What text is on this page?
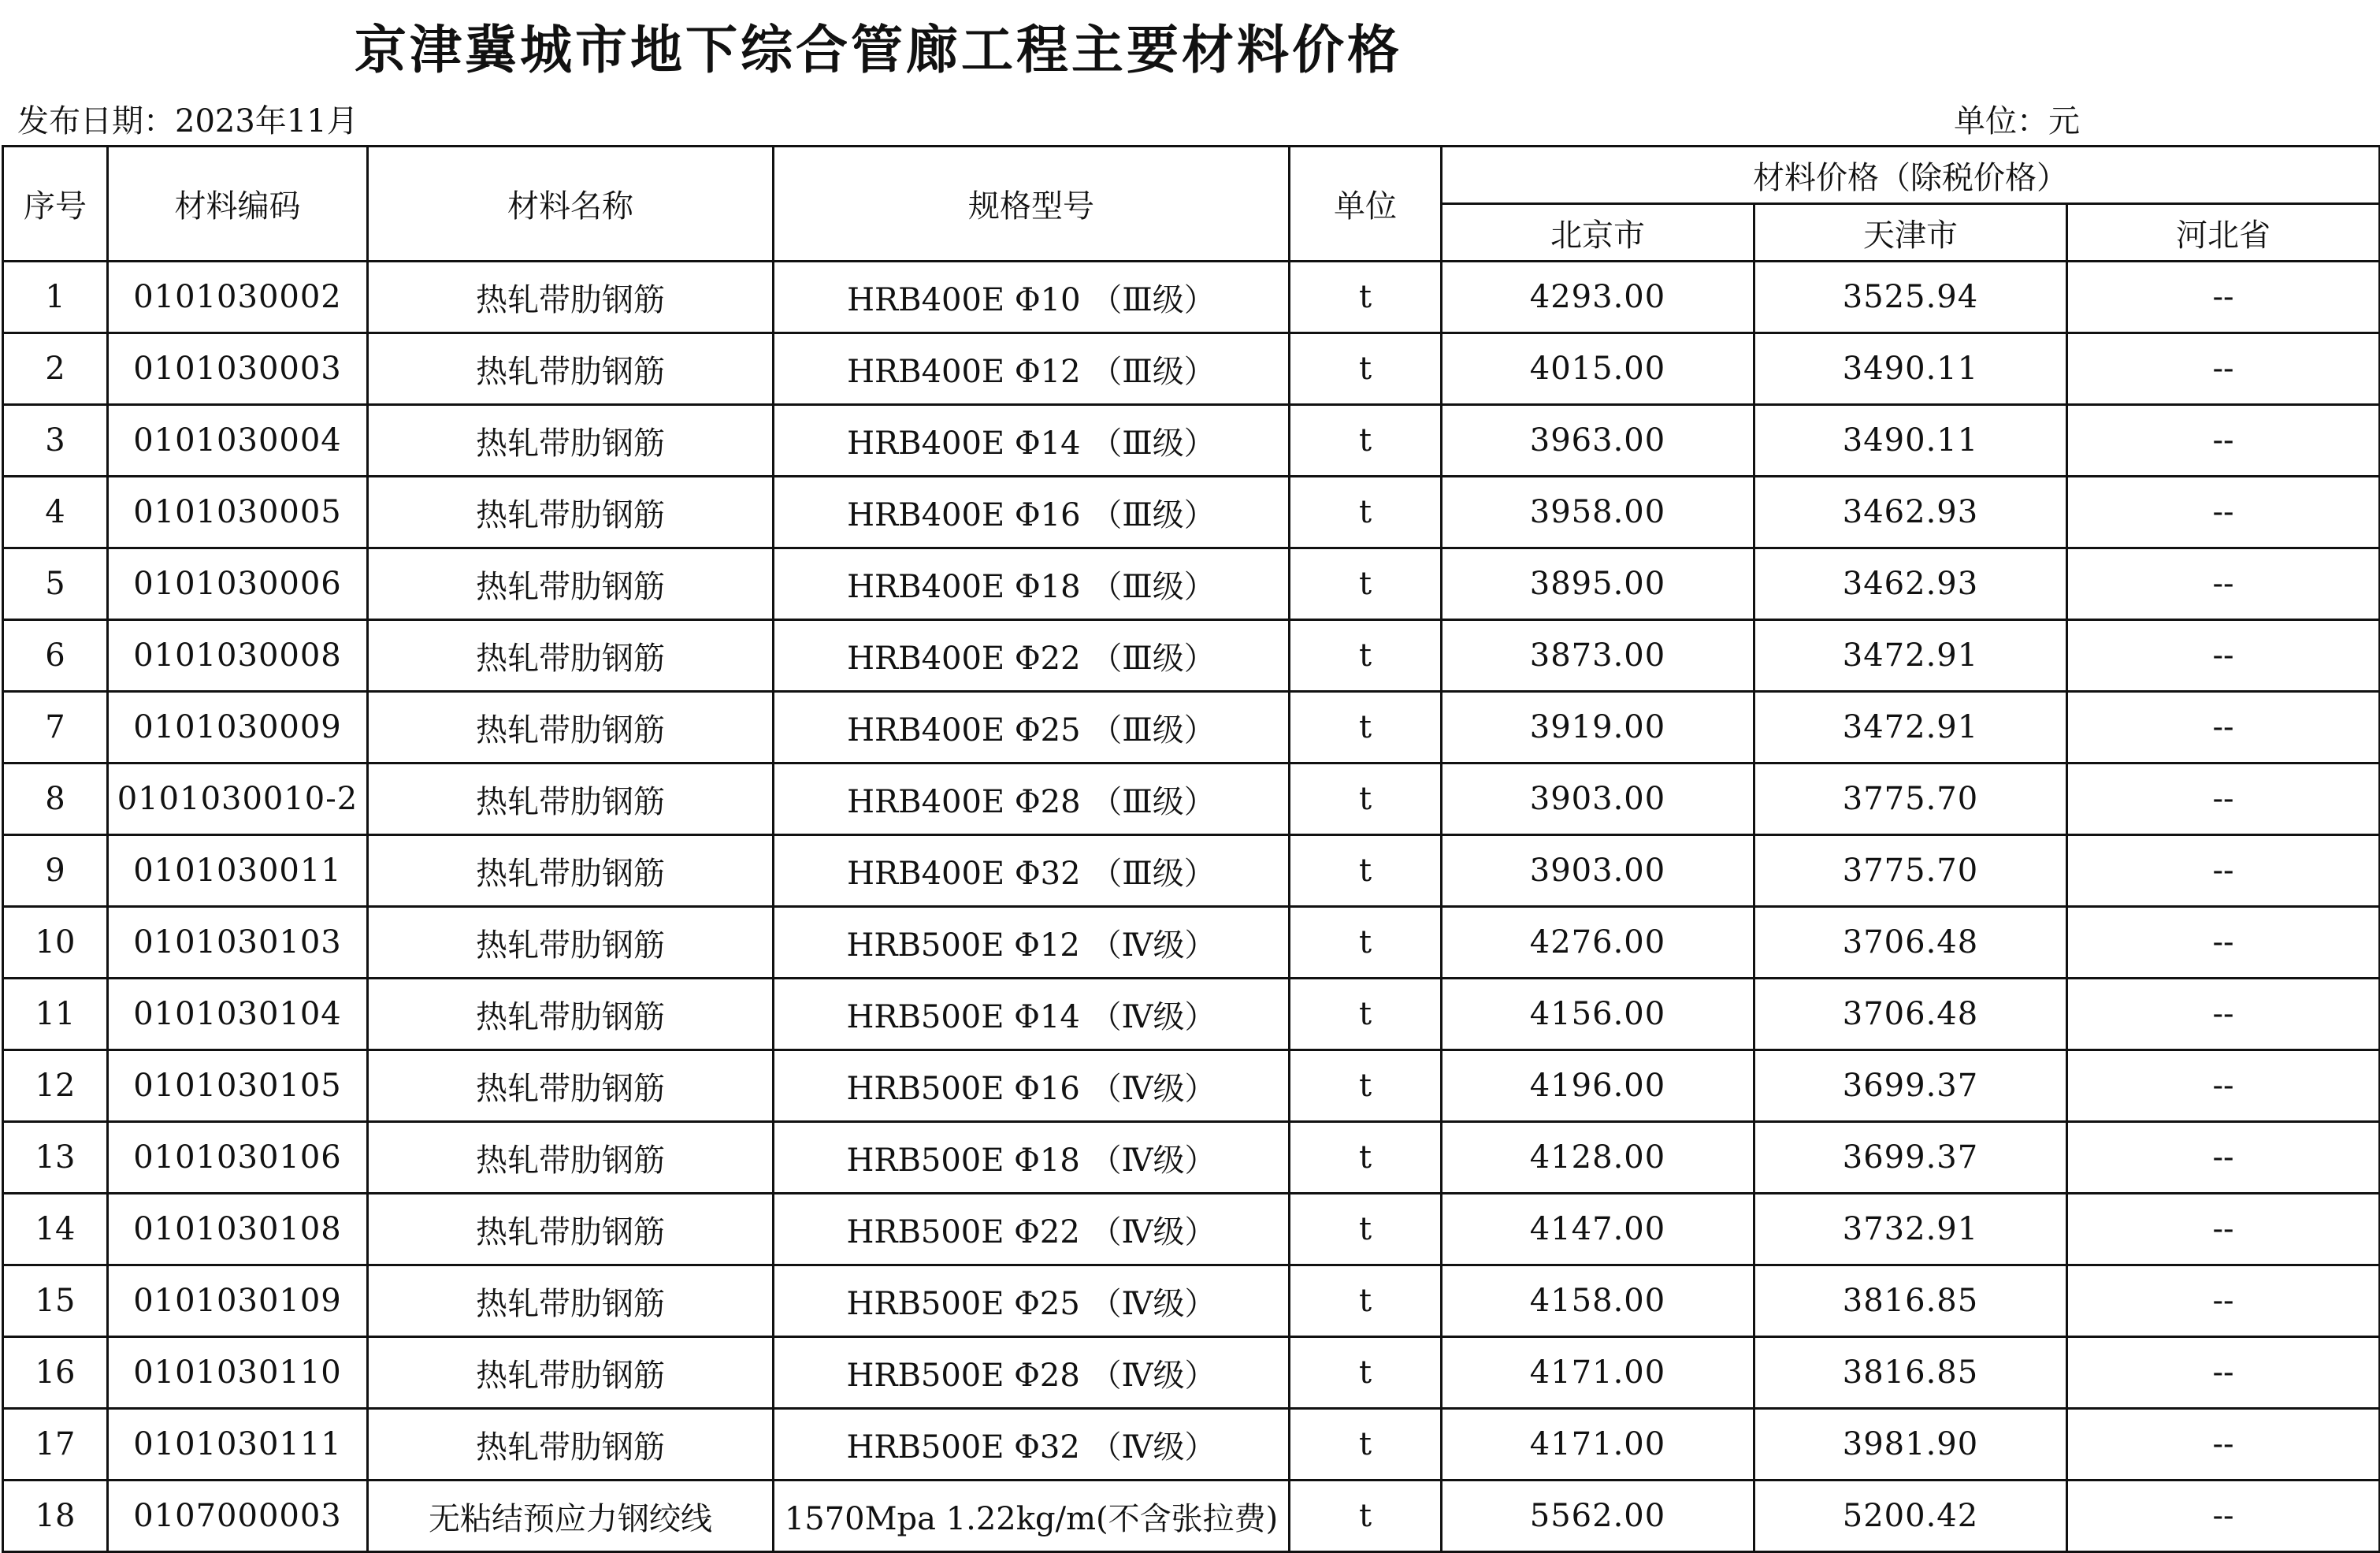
京津冀城市地下综合管廊工程主要材料价格
发布日期：2023年11月	单位：元
序号	材料编码	材料名称	规格型号	单位	材料价格（除税价格）		
					北京市	天津市	河北省
1	0101030002	热轧带肋钢筋	HRB400E Φ10 （Ⅲ级）	t	4293.00	3525.94	--
2	0101030003	热轧带肋钢筋	HRB400E Φ12 （Ⅲ级）	t	4015.00	3490.11	--
3	0101030004	热轧带肋钢筋	HRB400E Φ14 （Ⅲ级）	t	3963.00	3490.11	--
4	0101030005	热轧带肋钢筋	HRB400E Φ16 （Ⅲ级）	t	3958.00	3462.93	--
5	0101030006	热轧带肋钢筋	HRB400E Φ18 （Ⅲ级）	t	3895.00	3462.93	--
6	0101030008	热轧带肋钢筋	HRB400E Φ22 （Ⅲ级）	t	3873.00	3472.91	--
7	0101030009	热轧带肋钢筋	HRB400E Φ25 （Ⅲ级）	t	3919.00	3472.91	--
8	0101030010-2	热轧带肋钢筋	HRB400E Φ28 （Ⅲ级）	t	3903.00	3775.70	--
9	0101030011	热轧带肋钢筋	HRB400E Φ32 （Ⅲ级）	t	3903.00	3775.70	--
10	0101030103	热轧带肋钢筋	HRB500E Φ12 （Ⅳ级）	t	4276.00	3706.48	--
11	0101030104	热轧带肋钢筋	HRB500E Φ14 （Ⅳ级）	t	4156.00	3706.48	--
12	0101030105	热轧带肋钢筋	HRB500E Φ16 （Ⅳ级）	t	4196.00	3699.37	--
13	0101030106	热轧带肋钢筋	HRB500E Φ18 （Ⅳ级）	t	4128.00	3699.37	--
14	0101030108	热轧带肋钢筋	HRB500E Φ22 （Ⅳ级）	t	4147.00	3732.91	--
15	0101030109	热轧带肋钢筋	HRB500E Φ25 （Ⅳ级）	t	4158.00	3816.85	--
16	0101030110	热轧带肋钢筋	HRB500E Φ28 （Ⅳ级）	t	4171.00	3816.85	--
17	0101030111	热轧带肋钢筋	HRB500E Φ32 （Ⅳ级）	t	4171.00	3981.90	--
18	0107000003	无粘结预应力钢绞线	1570Mpa 1.22kg/m(不含张拉费)	t	5562.00	5200.42	--
